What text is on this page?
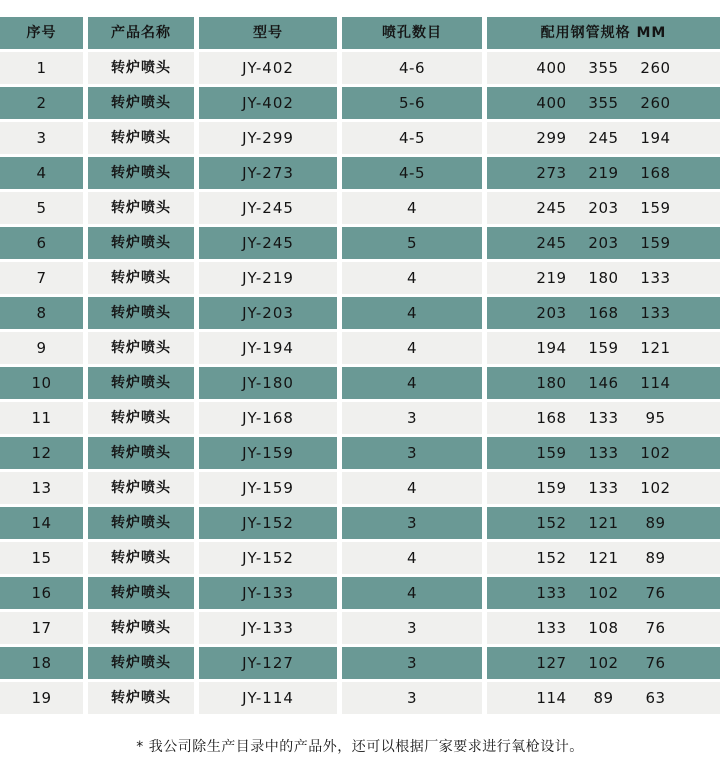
序号	产品名称	型号	喷孔数目	配用钢管规格 MM
1	转炉喷头	JY-402	4-6	400	355	260
2	转炉喷头	JY-402	5-6	400	355	260
3	转炉喷头	JY-299	4-5	299	245	194
4	转炉喷头	JY-273	4-5	273	219	168
5	转炉喷头	JY-245	4	245	203	159
6	转炉喷头	JY-245	5	245	203	159
7	转炉喷头	JY-219	4	219	180	133
8	转炉喷头	JY-203	4	203	168	133
9	转炉喷头	JY-194	4	194	159	121
10	转炉喷头	JY-180	4	180	146	114
11	转炉喷头	JY-168	3	168	133	95
12	转炉喷头	JY-159	3	159	133	102
13	转炉喷头	JY-159	4	159	133	102
14	转炉喷头	JY-152	3	152	121	89
15	转炉喷头	JY-152	4	152	121	89
16	转炉喷头	JY-133	4	133	102	76
17	转炉喷头	JY-133	3	133	108	76
18	转炉喷头	JY-127	3	127	102	76
19	转炉喷头	JY-114	3	114	89	63
* 我公司除生产目录中的产品外，还可以根据厂家要求进行氧枪设计。
